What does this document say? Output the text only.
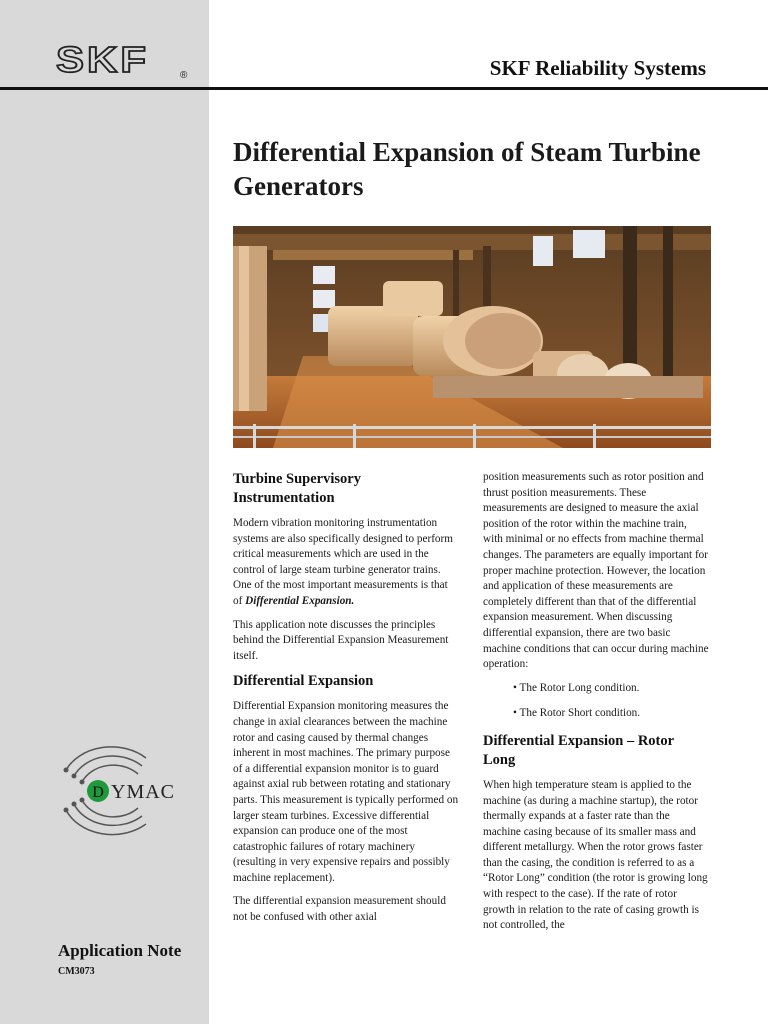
SKF	®	SKF Reliability Systems
Differential Expansion of Steam Turbine Generators
Turbine Supervisory Instrumentation

Modern vibration monitoring instrumentation systems are also specifically designed to perform critical measurements which are used in the control of large steam turbine generator trains. One of the most important measurements is that of Differential Expansion.

This application note discusses the principles behind the Differential Expansion Measurement itself.

Differential Expansion

Differential Expansion monitoring measures the change in axial clearances between the machine rotor and casing caused by thermal changes inherent in most machines. The primary purpose of a differential expansion monitor is to guard against axial rub between rotating and stationary parts. This measurement is typically performed on larger steam turbines. Excessive differential expansion can produce one of the most catastrophic failures of rotary machinery (resulting in very expensive repairs and possibly machine replacement).

The differential expansion measurement should not be confused with other axial

position measurements such as rotor position and thrust position measurements. These measurements are designed to measure the axial position of the rotor within the machine train, with minimal or no effects from machine thermal changes. The parameters are equally important for proper machine protection. However, the location and application of these measurements are completely different than that of the differential expansion measurement. When discussing differential expansion, there are two basic machine conditions that can occur during machine operation:

• The Rotor Long condition.
• The Rotor Short condition.
Differential Expansion – Rotor Long

When high temperature steam is applied to the machine (as during a machine startup), the rotor thermally expands at a faster rate than the machine casing because of its smaller mass and different metallurgy. When the rotor grows faster than the casing, the condition is referred to as a “Rotor Long” condition (the rotor is growing long with respect to the case). If the rate of rotor growth in relation to the rate of casing growth is not controlled, the

D YMAC
Application Note
CM3073
